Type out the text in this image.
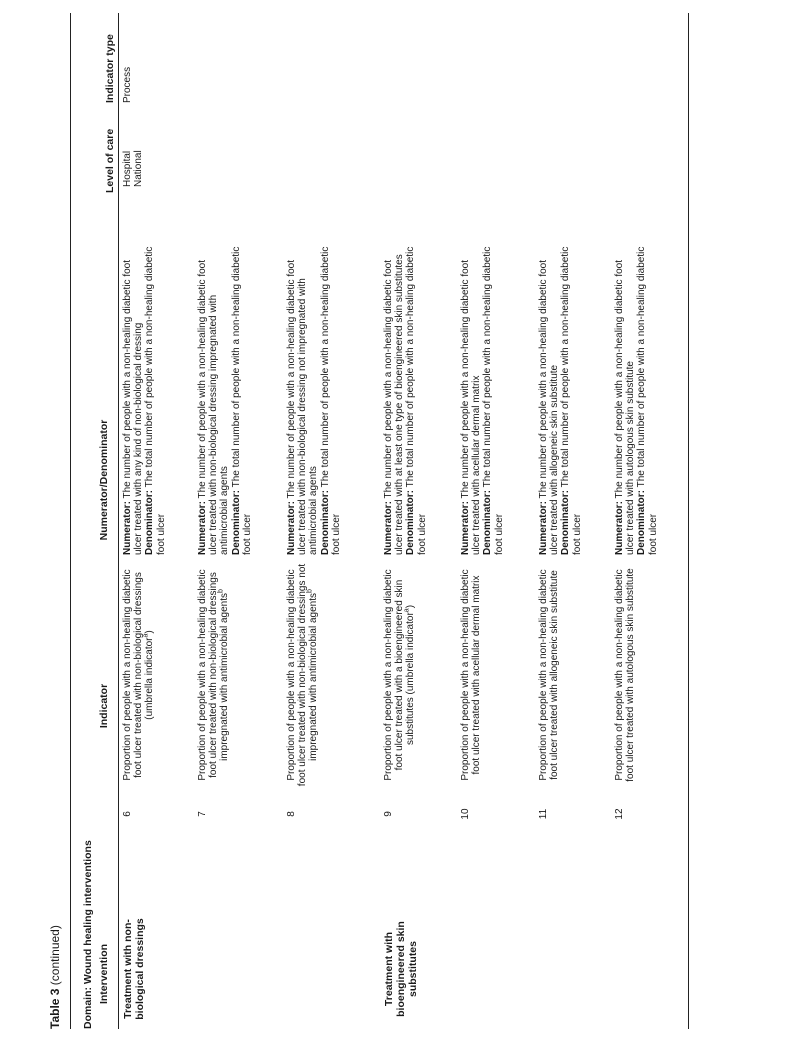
Table 3 (continued) Domain: Wound healing interventions Intervention
Indicator
Numerator/Denominator
Level of care
Indicator type
Treatment with non-biological dressings	Treatment with bioengineered skin substitutes
Hospital National
Process
6
Proportion of people with a non-healing diabetic foot ulcer treated with non-biological dressings (umbrella indicator$^a$)
Numerator: The number of people with a non-healing diabetic foot ulcer treated with any kind of non-biological dressing Denominator: The total number of people with a non-healing diabetic foot ulcer
7
Proportion of people with a non-healing diabetic foot ulcer treated with non-biological dressings impregnated with antimicrobial agents$^b$
Numerator: The number of people with a non-healing diabetic foot ulcer treated with non-biological dressing impregnated with antimicrobial agents Denominator: The total number of people with a non-healing diabetic foot ulcer
8
Proportion of people with a non-healing diabetic foot ulcer treated with non-biological dressings not impregnated with antimicrobial agents$^b$
Numerator: The number of people with a non-healing diabetic foot ulcer treated with non-biological dressing not impregnated with antimicrobial agents Denominator: The total number of people with a non-healing diabetic foot ulcer
9
Proportion of people with a non-healing diabetic foot ulcer treated with a bioengineered skin substitutes (umbrella indicator$^a$)
Numerator: The number of people with a non-healing diabetic foot ulcer treated with at least one type of bioengineered skin substitutes Denominator: The total number of people with a non-healing diabetic foot ulcer
10
Proportion of people with a non-healing diabetic foot ulcer treated with acellular dermal matrix
Numerator: The number of people with a non-healing diabetic foot ulcer treated with acellular dermal matrix Denominator: The total number of people with a non-healing diabetic foot ulcer
11
Proportion of people with a non-healing diabetic foot ulcer treated with allogeneic skin substitute
Numerator: The number of people with a non-healing diabetic foot ulcer treated with allogeneic skin substitute Denominator: The total number of people with a non-healing diabetic foot ulcer
12
Proportion of people with a non-healing diabetic foot ulcer treated with autologous skin substitute
Numerator: The number of people with a non-healing diabetic foot ulcer treated with autologous skin substitute Denominator: The total number of people with a non-healing diabetic foot ulcer
